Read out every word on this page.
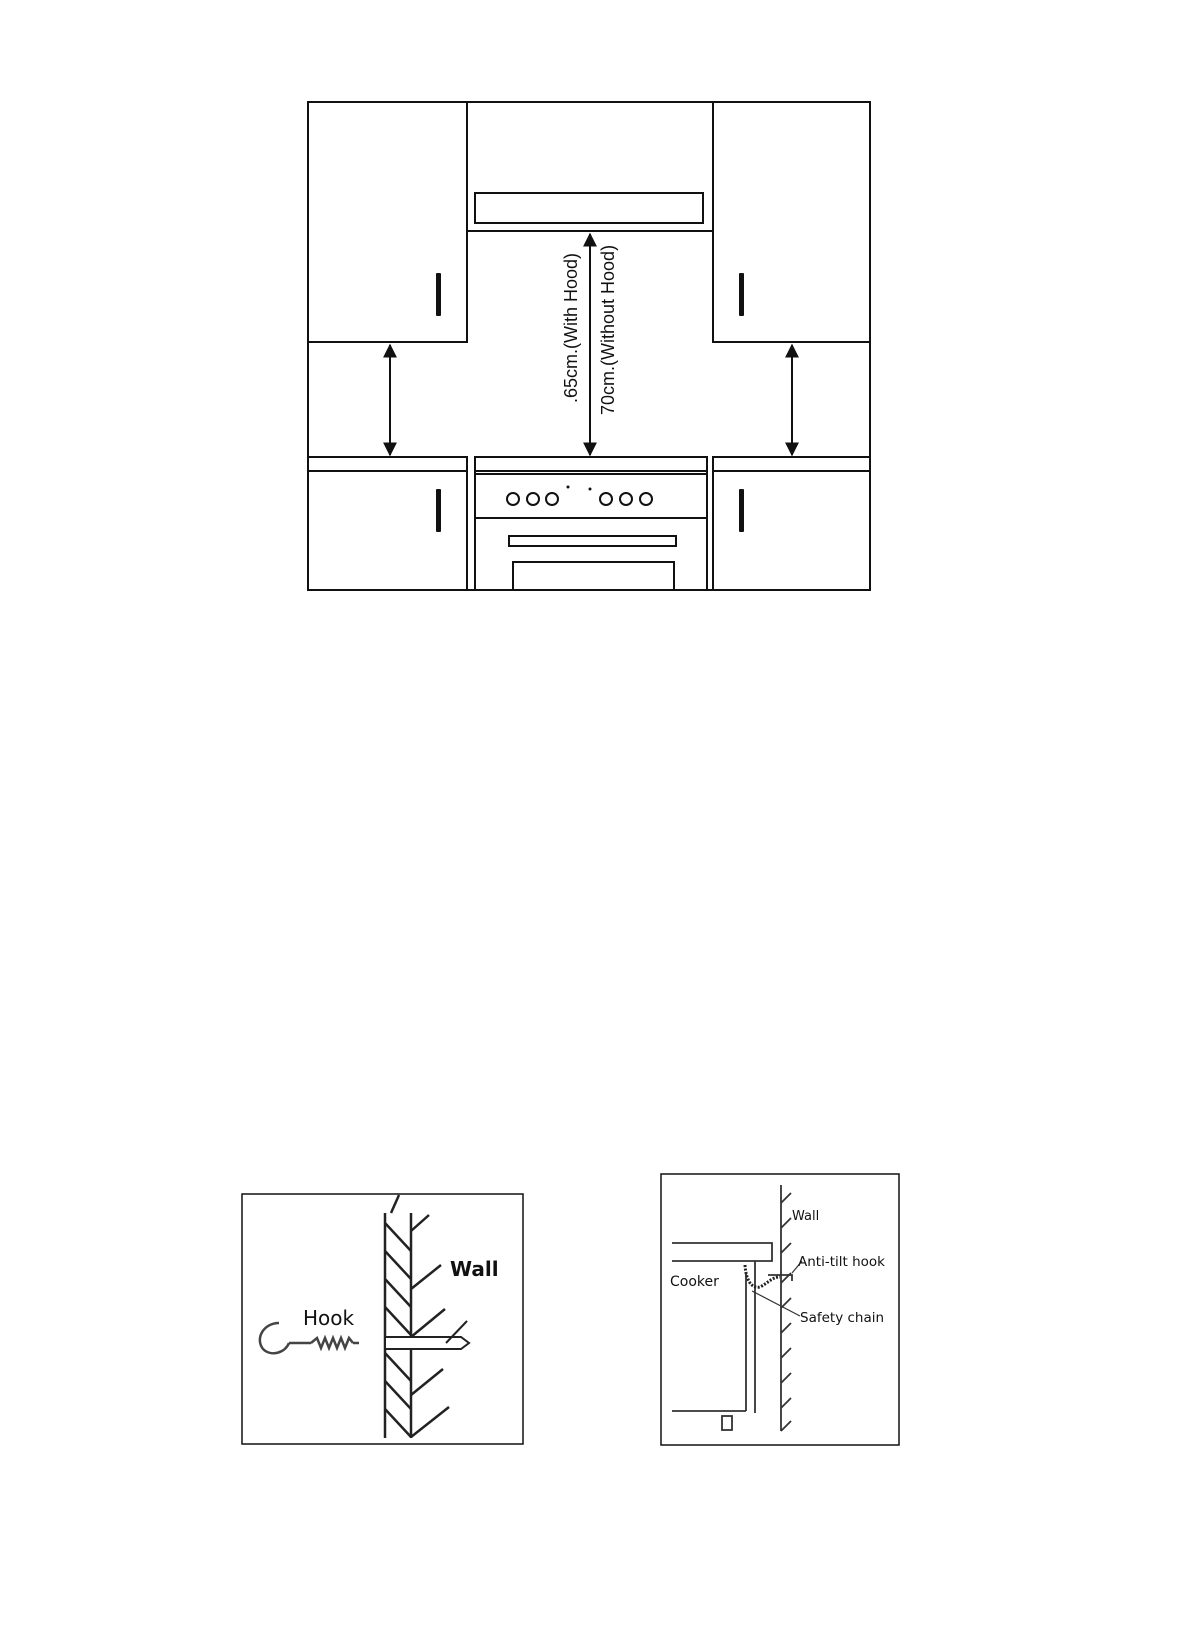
.65cm.(With Hood) 70cm.(Without Hood)
Hook
Wall
Wall
Cooker
Anti-tilt hook
Safety chain
